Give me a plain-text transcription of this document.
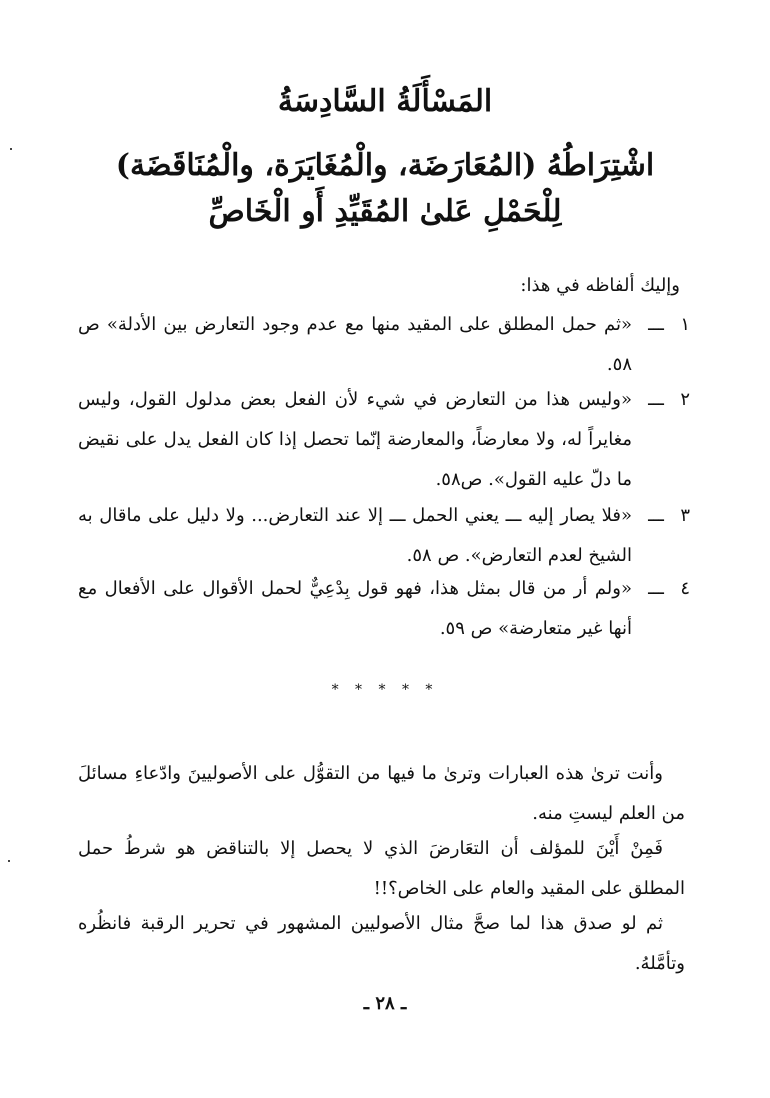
المَسْأَلَةُ السَّادِسَةُ
اشْتِرَاطُهُ (المُعَارَضَة، والْمُغَايَرَة، والْمُنَاقَضَة)
لِلْحَمْلِ عَلىٰ المُقَيِّدِ أَو الْخَاصِّ
وإليك ألفاظه في هذا:
١
ـــ
«ثم حمل المطلق على المقيد منها مع عدم وجود التعارض بين الأدلة» ص ٥٨.
٢
ـــ
«وليس هذا من التعارض في شيء لأن الفعل بعض مدلول القول، وليس مغايراً له، ولا معارضاً، والمعارضة إنّما تحصل إذا كان الفعل يدل على نقيض ما دلّ عليه القول». ص٥٨.
٣
ـــ
«فلا يصار إليه ـــ يعني الحمل ـــ إلا عند التعارض... ولا دليل على ماقال به الشيخ لعدم التعارض». ص ٥٨.
٤
ـــ
«ولم أر من قال بمثل هذا، فهو قول بِدْعِيٌّ لحمل الأقوال على الأفعال مع أنها غير متعارضة» ص ٥٩.
* * * * *
وأنت ترىٰ هذه العبارات وترىٰ ما فيها من التقوُّل على الأصوليينَ وادّعاءِ مسائلَ من العلم ليستِ منه.
فَمِنْ أَيْنَ للمؤلف أن التعَارضَ الذي لا يحصل إلا بالتناقض هو شرطُ حمل المطلق على المقيد والعام على الخاص؟!!
ثم لو صدق هذا لما صحَّ مثال الأصوليين المشهور في تحرير الرقبة فانظُره وتأمَّلهُ.
ـ ٢٨ ـ
